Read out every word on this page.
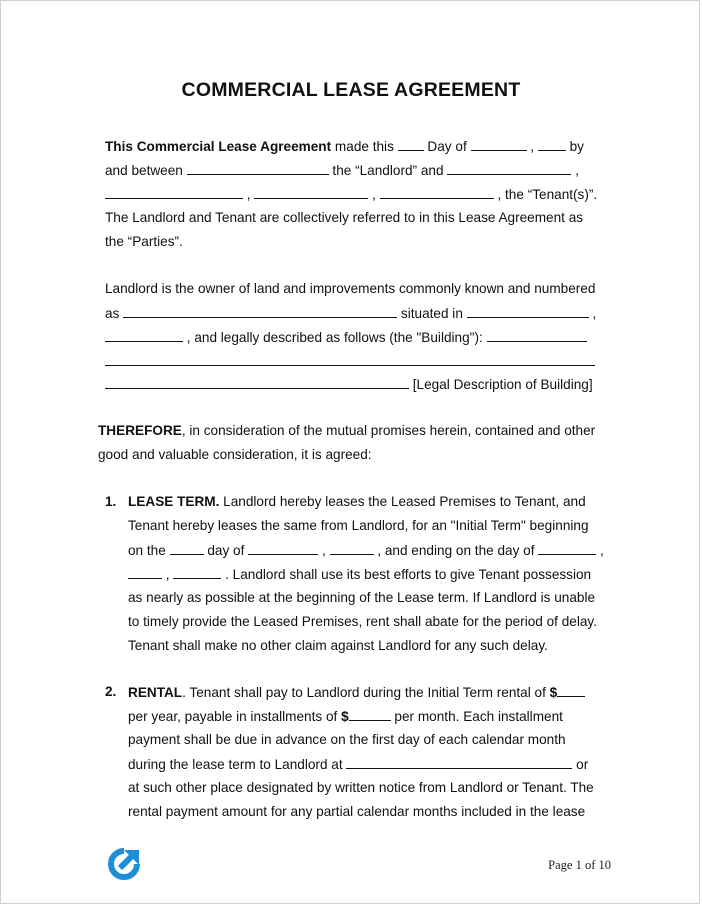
COMMERCIAL LEASE AGREEMENT
This Commercial Lease Agreement made this  Day of	,  by
and between	the “Landlord” and	,
,	,	, the “Tenant(s)”.
The Landlord and Tenant are collectively referred to in this Lease Agreement as
the “Parties”.
Landlord is the owner of land and improvements commonly known and numbered
as	situated in	,
, and legally described as follows (the "Building"):
[Legal Description of Building]
THEREFORE, in consideration of the mutual promises herein, contained and other
good and valuable consideration, it is agreed:
1. LEASE TERM. Landlord hereby leases the Leased Premises to Tenant, and
Tenant hereby leases the same from Landlord, for an "Initial Term" beginning
on the	day of	,	, and ending on the day of	,
,	. Landlord shall use its best efforts to give Tenant possession
as nearly as possible at the beginning of the Lease term. If Landlord is unable
to timely provide the Leased Premises, rent shall abate for the period of delay.
Tenant shall make no other claim against Landlord for any such delay.
2. RENTAL. Tenant shall pay to Landlord during the Initial Term rental of $
per year, payable in installments of $	per month. Each installment
payment shall be due in advance on the first day of each calendar month
during the lease term to Landlord at	or
at such other place designated by written notice from Landlord or Tenant. The
rental payment amount for any partial calendar months included in the lease
Page 1 of 10
